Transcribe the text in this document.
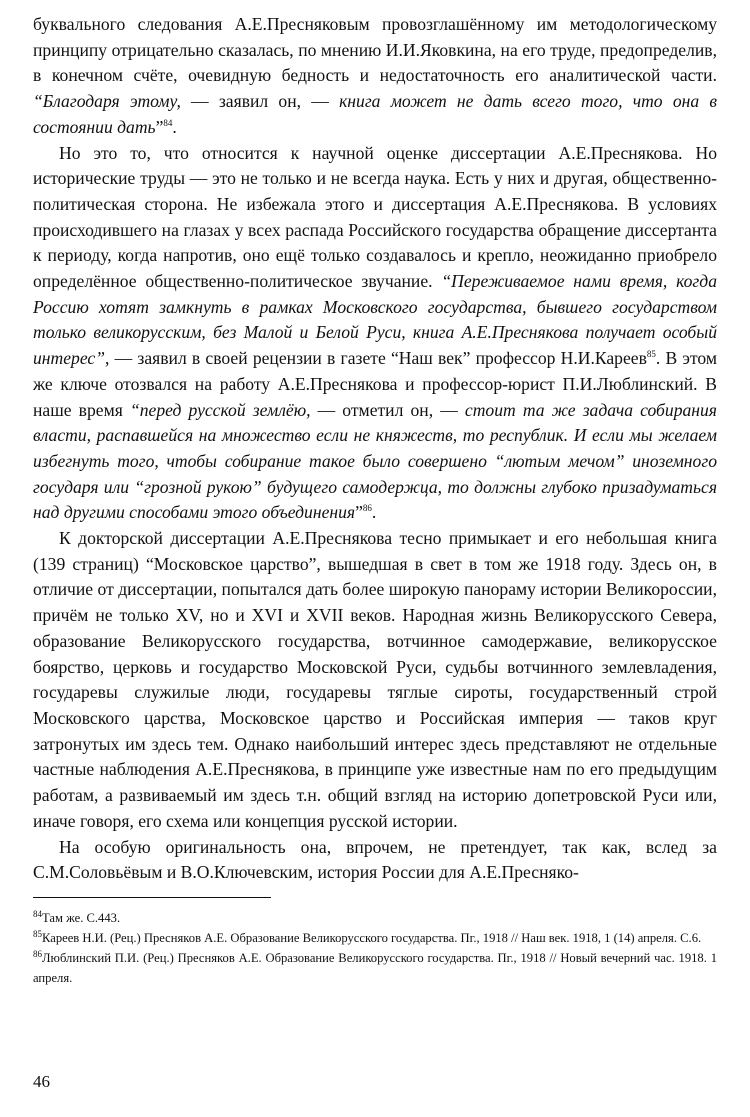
буквального следования А.Е.Пресняковым провозглашённому им методологическому принципу отрицательно сказалась, по мнению И.И.Яковкина, на его труде, предопределив, в конечном счёте, очевидную бедность и недостаточность его аналитической части. “Благодаря этому, — заявил он, — книга может не дать всего того, что она в состоянии дать”$^{84}$.

Но это то, что относится к научной оценке диссертации А.Е.Преснякова. Но исторические труды — это не только и не всегда наука. Есть у них и другая, общественно-политическая сторона. Не избежала этого и диссертация А.Е.Преснякова. В условиях происходившего на глазах у всех распада Российского государства обращение диссертанта к периоду, когда напротив, оно ещё только создавалось и крепло, неожиданно приобрело определённое общественно-политическое звучание. “Переживаемое нами время, когда Россию хотят замкнуть в рамках Московского государства, бывшего государством только великорусским, без Малой и Белой Руси, книга А.Е.Преснякова получает особый интерес”, — заявил в своей рецензии в газете “Наш век” профессор Н.И.Кареев$^{85}$. В этом же ключе отозвался на работу А.Е.Преснякова и профессор-юрист П.И.Люблинский. В наше время “перед русской землёю, — отметил он, — стоит та же задача собирания власти, распавшейся на множество если не княжеств, то республик. И если мы желаем избегнуть того, чтобы собирание такое было совершено “лютым мечом” иноземного государя или “грозной рукою” будущего самодержца, то должны глубоко призадуматься над другими способами этого объединения”$^{86}$.

К докторской диссертации А.Е.Преснякова тесно примыкает и его небольшая книга (139 страниц) “Московское царство”, вышедшая в свет в том же 1918 году. Здесь он, в отличие от диссертации, попытался дать более широкую панораму истории Великороссии, причём не только XV, но и XVI и XVII веков. Народная жизнь Великорусского Севера, образование Великорусского государства, вотчинное самодержавие, великорусское боярство, церковь и государство Московской Руси, судьбы вотчинного землевладения, государевы служилые люди, государевы тяглые сироты, государственный строй Московского царства, Московское царство и Российская империя — таков круг затронутых им здесь тем. Однако наибольший интерес здесь представляют не отдельные частные наблюдения А.Е.Преснякова, в принципе уже известные нам по его предыдущим работам, а развиваемый им здесь т.н. общий взгляд на историю допетровской Руси или, иначе говоря, его схема или концепция русской истории.

На особую оригинальность она, впрочем, не претендует, так как, вслед за С.М.Соловьёвым и В.О.Ключевским, история России для А.Е.Пресняко-

$^{84}$Там же. С.443.

$^{85}$Кареев Н.И. (Рец.) Пресняков А.Е. Образование Великорусского государства. Пг., 1918 // Наш век. 1918, 1 (14) апреля. С.6.

$^{86}$Люблинский П.И. (Рец.) Пресняков А.Е. Образование Великорусского государства. Пг., 1918 // Новый вечерний час. 1918. 1 апреля.

46
